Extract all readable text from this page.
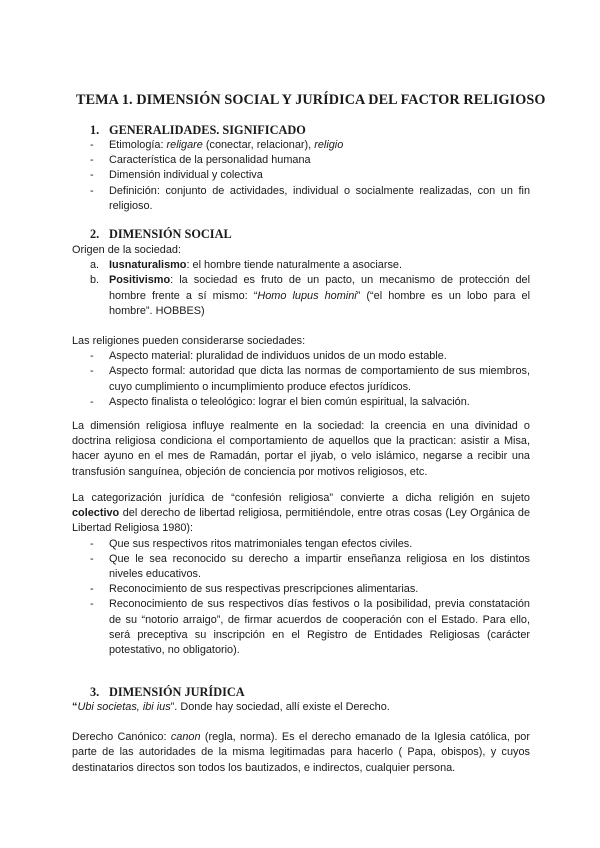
TEMA 1. DIMENSIÓN SOCIAL Y JURÍDICA DEL FACTOR RELIGIOSO
1. GENERALIDADES. SIGNIFICADO
- Etimología: religare (conectar, relacionar), religio
- Característica de la personalidad humana
- Dimensión individual y colectiva
- Definición: conjunto de actividades, individual o socialmente realizadas, con un fin religioso.
2. DIMENSIÓN SOCIAL
Origen de la sociedad:
a. Iusnaturalismo: el hombre tiende naturalmente a asociarse.
b. Positivismo: la sociedad es fruto de un pacto, un mecanismo de protección del hombre frente a sí mismo: “Homo lupus homini” (“el hombre es un lobo para el hombre”. HOBBES)
Las religiones pueden considerarse sociedades:
- Aspecto material: pluralidad de individuos unidos de un modo estable.
- Aspecto formal: autoridad que dicta las normas de comportamiento de sus miembros, cuyo cumplimiento o incumplimiento produce efectos jurídicos.
- Aspecto finalista o teleológico: lograr el bien común espiritual, la salvación.
La dimensión religiosa influye realmente en la sociedad: la creencia en una divinidad o doctrina religiosa condiciona el comportamiento de aquellos que la practican: asistir a Misa, hacer ayuno en el mes de Ramadán, portar el jiyab, o velo islámico, negarse a recibir una transfusión sanguínea, objeción de conciencia por motivos religiosos, etc.
La categorización jurídica de “confesión religiosa” convierte a dicha religión en sujeto colectivo del derecho de libertad religiosa, permitiéndole, entre otras cosas (Ley Orgánica de Libertad Religiosa 1980):
- Que sus respectivos ritos matrimoniales tengan efectos civiles.
- Que le sea reconocido su derecho a impartir enseñanza religiosa en los distintos niveles educativos.
- Reconocimiento de sus respectivas prescripciones alimentarias.
- Reconocimiento de sus respectivos días festivos o la posibilidad, previa constatación de su “notorio arraigo”, de firmar acuerdos de cooperación con el Estado. Para ello, será preceptiva su inscripción en el Registro de Entidades Religiosas (carácter potestativo, no obligatorio).
3. DIMENSIÓN JURÍDICA
“Ubi societas, ibi ius”. Donde hay sociedad, allí existe el Derecho.
Derecho Canónico: canon (regla, norma). Es el derecho emanado de la Iglesia católica, por parte de las autoridades de la misma legitimadas para hacerlo ( Papa, obispos), y cuyos destinatarios directos son todos los bautizados, e indirectos, cualquier persona.
